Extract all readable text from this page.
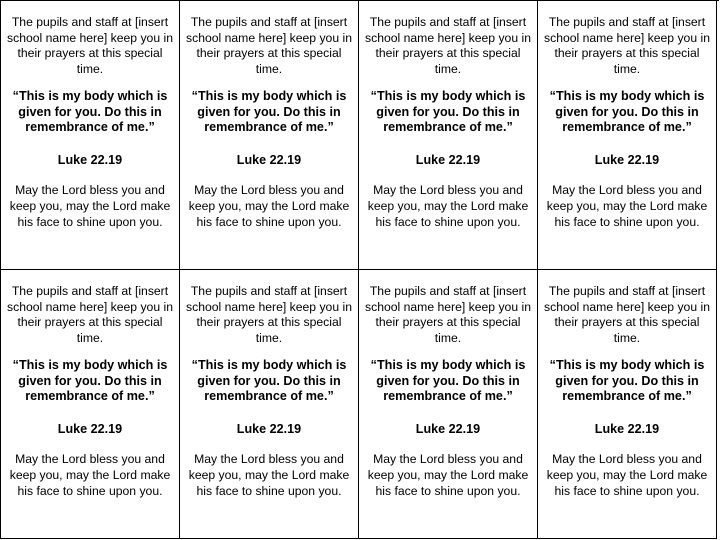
The pupils and staff at [insert school name here] keep you in their prayers at this special time.

“This is my body which is given for you. Do this in remembrance of me.”

Luke 22.19

May the Lord bless you and keep you, may the Lord make his face to shine upon you.

The pupils and staff at [insert school name here] keep you in their prayers at this special time.

“This is my body which is given for you. Do this in remembrance of me.”

Luke 22.19

May the Lord bless you and keep you, may the Lord make his face to shine upon you.

The pupils and staff at [insert school name here] keep you in their prayers at this special time.

“This is my body which is given for you. Do this in remembrance of me.”

Luke 22.19

May the Lord bless you and keep you, may the Lord make his face to shine upon you.

The pupils and staff at [insert school name here] keep you in their prayers at this special time.

“This is my body which is given for you. Do this in remembrance of me.”

Luke 22.19

May the Lord bless you and keep you, may the Lord make his face to shine upon you.

The pupils and staff at [insert school name here] keep you in their prayers at this special time.

“This is my body which is given for you. Do this in remembrance of me.”

Luke 22.19

May the Lord bless you and keep you, may the Lord make his face to shine upon you.

The pupils and staff at [insert school name here] keep you in their prayers at this special time.

“This is my body which is given for you. Do this in remembrance of me.”

Luke 22.19

May the Lord bless you and keep you, may the Lord make his face to shine upon you.

The pupils and staff at [insert school name here] keep you in their prayers at this special time.

“This is my body which is given for you. Do this in remembrance of me.”

Luke 22.19

May the Lord bless you and keep you, may the Lord make his face to shine upon you.

The pupils and staff at [insert school name here] keep you in their prayers at this special time.

“This is my body which is given for you. Do this in remembrance of me.”

Luke 22.19

May the Lord bless you and keep you, may the Lord make his face to shine upon you.
